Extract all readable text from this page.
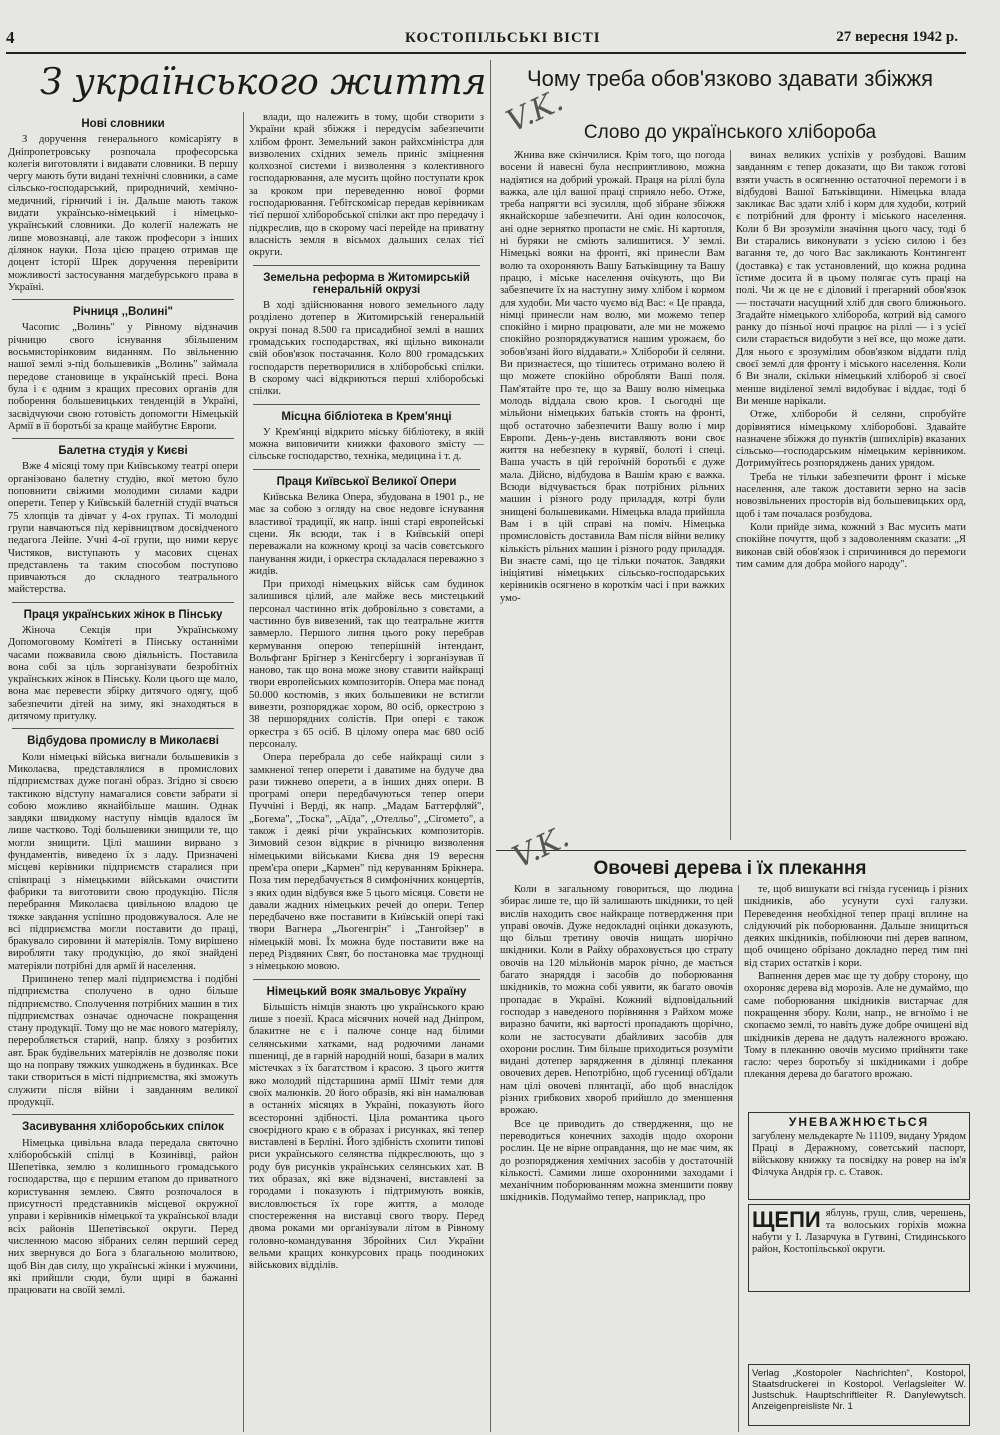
4	КОСТОПІЛЬСЬКІ ВІСТІ	27 вересня 1942 р.
З українського життя	Чому треба обов'язково здавати збіжжя
Слово до українського хлібороба
Нові словники

З доручення генерального комісаріяту в Дніпропетровську розпочала професорська колегія виготовляти і видавати словники. В першу чергу мають бути видані технічні словники, а саме сільсько-господарський, природничий, хемічно-медичний, гірничий і ін. Дальше мають також видати українсько-німецький і німецько-український словники. До колегії належать не лише мовознавці, але також професори з інших ділянок науки. Поза цією працею отримав ще доцент історії Шрек доручення перевірити можливості застосування магдебурського права в Україні.

Річниця ,,Волині"

Часопис „Волинь" у Рівному відзначив річницю свого існування збільшеним восьмисторінковим виданням. По звільненню нашої землі з-під большевиків „Волинь" займала передове становище в українській пресі. Вона була і є одним з кращих пресових органів для поборення большевицьких тенденцій в Україні, засвідчуючи свою готовість допомогти Німецькій Армії в її боротьбі за краще майбутнє Европи.

Балетна студія у Києві

Вже 4 місяці тому при Київському театрі опери організовано балетну студію, якої метою було поповнити свіжими молодими силами кадри оперети. Тепер у Київській балетній студії вчаться 75 хлопців та дівчат у 4-ох групах. Ті молодші групи навчаються під керівництвом досвідченого педагога Лейпе. Учні 4-ої групи, що ними керує Чистяков, виступають у масових сценах представлень та таким способом поступово привчаються до складного театрального майстерства.

Праця українських жінок в Пінську

Жіноча Секція при Українському Допомоговому Комітеті в Пінську останніми часами пожвавила свою діяльність. Поставила вона собі за ціль зорганізувати безробітніх українських жінок в Пінську. Коли цього ще мало, вона має перевести збірку дитячого одягу, щоб забезпечити дітей на зиму, які знаходяться в дитячому притулку.

Відбудова промислу в Миколаєві

Коли німецькі війська вигнали большевиків з Миколаєва, представлялися в промислових підприємствах дуже погані образ. Згідно зі своєю тактикою відступу намагалися совєти забрати зі собою можливо якнайбільше машин. Однак завдяки швидкому наступу німців вдалося їм лише частково. Тоді большевики знищили те, що могли знищити. Цілі машини вирвано з фундаментів, виведено їх з ладу. Призначені місцеві керівники підприємств старалися при співпраці з німецькими військами очистити фабрики та виготовити свою продукцію. Після перебрання Миколаєва цивільною владою це тяжке завдання успішно продовжувалося. Але не всі підприємства могли поставити до праці, бракувало сировини й матеріялів. Тому вирішено виробляти таку продукцію, до якої знайдені матеріяли потрібні для армії й населення.

Припинено тепер малі підприємства і подібні підприємства сполучено в одно більше підприємство. Сполучення потрібних машин в тих підприємствах означає одночасне покращення стану продукції. Тому що не має нового матеріялу, переробляється старий, напр. бляху з розбитих авт. Брак будівельних матеріялів не дозволяє поки що на поправу тяжких ушкоджень в будинках. Все таки створиться в місті підприємства, які зможуть служити після війни і завданням великої продукції.

Засивування хліборобських спілок

Німецька цивільна влада передала святочно хліборобській спілці в Козинівці, район Шепетівка, землю з колишнього громадського господарства, що є першим етапом до приватного користування землею. Свято розпочалося в присутності представників місцевої окружної управи і керівників німецької та української влади всіх районів Шепетівської округи. Перед численною масою зібраних селян перший серед них звернувся до Бога з благальною молитвою, щоб Він дав силу, що українські жінки і мужчини, які прийшли сюди, були щирі в бажанні працювати на своїй землі.

влади, що належить в тому, щоби створити з України край збіжжя і передусім забезпечити хлібом фронт. Земельний закон райхсміністра для визволених східних земель приніс зміцнення колхозної системи і визволення з колективного господарювання, але мусить щойно поступати крок за кроком при переведенню нової форми господарювання. Гебітскомісар передав керівникам тієї першої хліборобської спілки акт про передачу і підкреслив, що в скорому часі перейде на приватну власність земля в вісьмох дальших селах тієї округи.

Земельна реформа в Житомирській генеральній окрузі

В ході здійснювання нового земельного ладу розділено дотепер в Житомирській генеральній окрузі понад 8.500 га присадибної землі в наших громадських господарствах, які щільно виконали свій обов'язок постачання. Коло 800 громадських господарств перетворилися в хліборобські спілки. В скорому часі відкриються перші хліборобські спілки.

Місцна бібліотека в Крем'янці

У Крем'янці відкрито міську бібліотеку, в якій можна виповичити книжки фахового змісту — сільське господарство, техніка, медицина і т. д.

Праця Київської Великої Опери

Київська Велика Опера, збудована в 1901 р., не має за собою з огляду на своє недовге існування властивої традиції, як напр. інші старі европейські сцени. Як всюди, так і в Київській опері переважали на кожному кроці за часів совєтського панування жиди, і оркестра складалася переважно з жидів.

При приході німецьких військ сам будинок залишився цілий, але майже весь мистецький персонал частинно втік добровільно з совєтами, а частинно був вивезений, так що театральне життя завмерло. Першого липня цього року перебрав кермування оперою теперішній інтендант, Вольфганг Брігнер з Кенігсбергу і зорганізував її наново, так що вона може знову ставити найкращі твори европейських композиторів. Опера має понад 50.000 костюмів, з яких большевики не встигли вивезти, розпоряджає хором, 80 осіб, оркестрою з 38 першорядних солістів. При опері є також оркестра з 65 осіб. В цілому опера має 680 осіб персоналу.

Опера перебрала до себе найкращі сили з замкненої тепер оперети і даватиме на будуче два рази тижнево оперети, а в інших днях опери. В програмі опери передбачуються тепер опери Пуччіні і Верді, як напр. „Мадам Баттерфляй", „Богема", „Тоска", „Аїда", „Отелльо", „Сігомето", а також і деякі річи українських композиторів. Зимовий сезон відкриє в річницю визволення німецькими військами Києва дня 19 вересня прем'єра опери „Кармен" під керуванням Брікнера. Поза тим передбачується 8 симфонічних концертів, з яких один відбувся вже 5 цього місяця. Совєти не давали жадних німецьких речей до опери. Тепер передбачено вже поставити в Київській опері такі твори Вагнера „Льогенгрін" і „Тангойзер" в німецькій мові. Їх можна буде поставити вже на перед Різдвяних Свят, бо постановка має труднощі з німецькою мовою.

Німецький вояк змальовує Україну

Більшість німців знають цю українського краю лише з поезії. Краса місячних ночей над Дніпром, блакитне не є і палюче сонце над білими селянськими хатками, над родючими ланами пшениці, де в гарній народній ноші, базари в малих містечках з їх багатством і красою. З цього життя вжо молодий підстаршина армії Шміт теми для своїх малюнків. 20 його образів, які він намалював в останніх місяцях в Україні, показують його всесторонні здібності. Ціла романтика цього своєрідного краю є в образах і рисунках, які тепер виставлені в Берліні. Його здібність схопити типові риси українського селянства підкреслюють, що з роду був рисунків українських селянських хат. В тих образах, які вже відзначені, виставлені за городами і показують і підтримують вояків, висловлюється їх горе життя, а молоде спостереження на виставці свого твору. Перед двома роками ми організували літом в Рівному головно-командування Збройних Сил України вельми кращих конкурсових праць поодиноких військових відділів.

Жнива вже скінчилися. Крім того, що погода восени й навесні була несприятливою, можна надіятися на добрий урожай. Праця на ріллі була важка, але ціл вашої праці сприяло небо. Отже, треба напрягти всі зусилля, щоб зібране збіжжя якнайскорше забезпечити. Ані один колосочок, ані одне зернятко пропасти не сміє. Ні картопля, ні буряки не сміють залишитися. У землі. Німецькі вояки на фронті, які принесли Вам волю та охороняють Вашу Батьківщину та Вашу працю, і міське населення очікують, що Ви забезпечите їх на наступну зиму хлібом і кормом для худоби. Ми часто чуємо від Вас: « Це правда, німці принесли нам волю, ми можемо тепер спокійно і мирно працювати, але ми не можемо спокійно розпоряджуватися нашим урожаєм, бо зобов'язані його віддавати.» Хлібороби й селяни. Ви признаєтеся, що тішитесь отримано волею й що можете спокійно обробляти Ваші поля. Пам'ятайте про те, що за Вашу волю німецька молодь віддала свою кров. І сьогодні ще мільйони німецьких батьків стоять на фронті, щоб остаточно забезпечити Вашу волю і мир Европи. День-у-день виставляють вони своє життя на небезпеку в курявії, болоті і спеці. Ваша участь в цій героїчній боротьбі є дуже мала. Дійсно, відбудова в Вашім краю є важка. Всюди відчувається брак потрібних рільних машин і різного роду приладдя, котрі були знищені большевиками. Німецька влада прийшла Вам і в цій справі на поміч. Німецька промисловість доставила Вам після війни велику кількість рільних машин і різного роду приладдя. Ви знаєте самі, що це тільки початок. Завдяки ініціятиві німецьких сільсько-господарських керівників осягнено в короткім часі і при важких умо-

винах великих успіхів у розбудові. Вашим завданням є тепер доказати, що Ви також готові взяти участь в осягненню остаточної перемоги і в відбудові Вашої Батьківщини. Німецька влада закликає Вас здати хліб і корм для худоби, котрий є потрібний для фронту і міського населення. Коли б Ви зрозуміли значіння цього часу, тоді б Ви старались виконувати з усією силою і без вагання те, до чого Вас закликають Контингент (доставка) є так установлений, що кожна родина їстиме досита й в цьому полягає суть праці на полі. Чи ж це не є діловий і прегарний обов'язок — постачати насущний хліб для свого ближнього. Згадайте німецького хлібороба, котрий від самого ранку до пізньої ночі працює на ріллі — і з усієї сили старається видобути з неї все, що може дати. Для нього є зрозумілим обов'язком віддати плід своєї землі для фронту і міського населення. Коли б Ви знали, скільки німецький хлібороб зі своєї менше виділеної землі видобуває і віддає, тоді б Ви менше нарікали.

Отже, хлібороби й селяни, спробуйте дорівнятися німецькому хліборобові. Здавайте назначене збіжжя до пунктів (шпихлірів) вказаних сільсько—господарським німецьким керівником. Дотримуйтесь розпоряджень даних урядом.

Треба не тільки забезпечити фронт і міське населення, але також доставити зерно на засів новозвільнених просторів від большевицьких орд, щоб і там почалася розбудова.

Коли прийде зима, кожний з Вас мусить мати спокійне почуття, щоб з задоволенням сказати: „Я виконав свій обов'язок і спричинився до перемоги тим самим для добра мойого народу".

Овочеві дерева і їх плекання

Коли в загальному говориться, що людина збирає лише те, що їй залишають шкідники, то цей вислів находить своє найкраще потвердження при управі овочів. Дуже недокладні оцінки доказують, що більш третину овочів нищать шорічно шкідники. Коли в Райху обраховується цю страту овочів на 120 мільйонів марок річно, де мається багато знаряддя і засобів до поборювання шкідників, то можна собі уявити, як багато овочів пропадає в Україні. Кожний відповідальний господар з наведеного порівняння з Райхом може виразно бачити, які вартості пропадають щорічно, коли не застосувати дбайливих засобів для охорони рослин. Тим більше приходиться розуміти видані дотепер зарядження в ділянці плекання овочевих дерев. Непотрібно, щоб гусениці об'їдали нам цілі овочеві плянтації, або щоб внаслідок різних грибкових хвороб прийшло до зменшення врожаю.

Все це приводить до ствердження, що не переводиться конечних заходів щодо охорони рослин. Це не вірне оправдання, що не має чим, як до розпоряджения хемічних засобів у достаточній кількості. Самими лише охоронними заходами і механічним поборюванням можна зменшити появу шкідників. Подумаймо тепер, наприклад, про

те, щоб вишукати всі гнізда гусениць і різних шкідників, або усунути сухі галузки. Переведення необхідної тепер праці вплине на слідуючий рік поборювання. Дальше знищиться деяких шкідників, побілюючи пні дерев вапном, щоб очищено обрізано докладно перед тим пні від старих остатків і кори.

Вапнення дерев має ще ту добру сторону, що охороняє дерева від морозів. Але не думаймо, що саме поборювання шкідників вистарчає для покращення збору. Коли, напр., не вгноїмо і не скопаємо землі, то навіть дуже добре очищені від шкідників дерева не дадуть належного врожаю. Тому в плеканню овочів мусимо прийняти таке гасло: через боротьбу зі шкідниками і добре плекання дерева до багатого врожаю.

УНЕВАЖНЮЄТЬСЯ
загублену мельдекарте № 11109, видану Урядом Праці в Деражному, советський паспорт, військову книжку та посвідку на ровер на ім'я Філчука Андрія гр. с. Ставок.
ЩЕПИ яблунь, груш, слив, черешень, та волоських горіхів можна набути у І. Лазарчука в Гутвині, Стидинського район, Костопільської округи.
Verlag „Kostopoler Nachrichten", Kostopol, Staatsdruckerei in Kostopol. Verlagsleiter W. Justschuk. Hauptschriftleiter R. Danylewytsch. Anzeigenpreisliste Nr. 1
V.K.
V.K.
